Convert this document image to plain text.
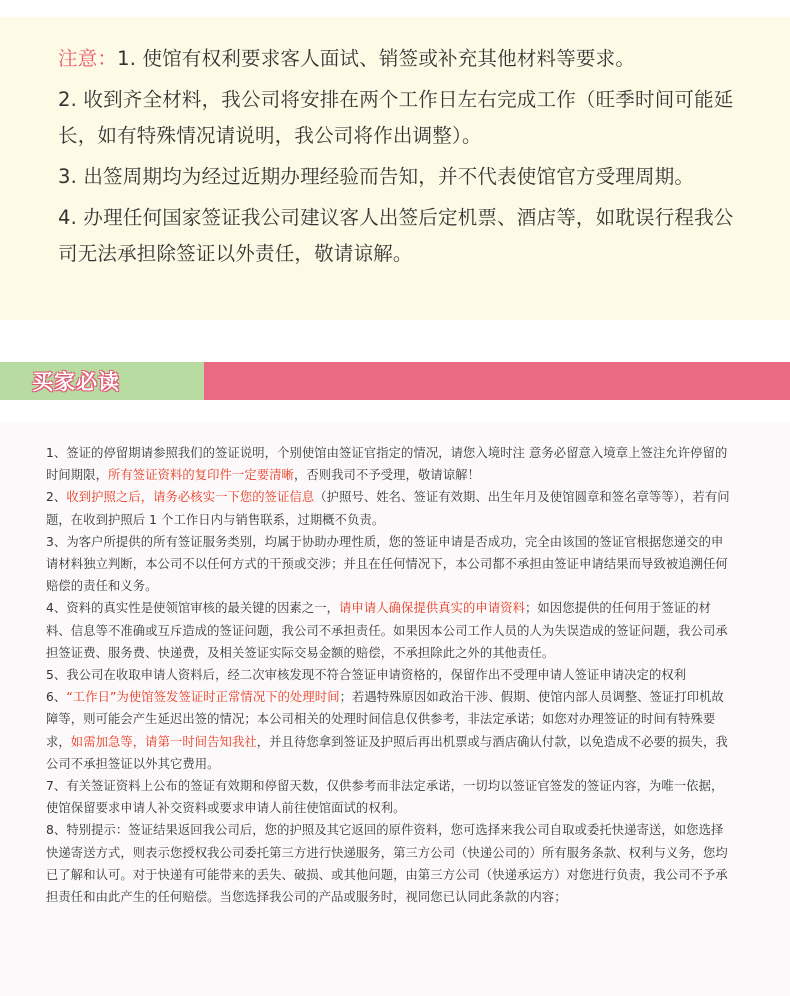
注意：1. 使馆有权利要求客人面试、销签或补充其他材料等要求。

2. 收到齐全材料，我公司将安排在两个工作日左右完成工作（旺季时间可能延长，如有特殊情况请说明，我公司将作出调整）。

3. 出签周期均为经过近期办理经验而告知，并不代表使馆官方受理周期。

4. 办理任何国家签证我公司建议客人出签后定机票、酒店等，如耽误行程我公司无法承担除签证以外责任，敬请谅解。

买家必读

1、签证的停留期请参照我们的签证说明，个别使馆由签证官指定的情况，请您入境时注 意务必留意入境章上签注允许停留的时间期限，所有签证资料的复印件一定要清晰，否则我司不予受理，敬请谅解！

2、收到护照之后，请务必核实一下您的签证信息（护照号、姓名、签证有效期、出生年月及使馆圆章和签名章等等），若有问题，在收到护照后 1 个工作日内与销售联系，过期概不负责。

3、为客户所提供的所有签证服务类别，均属于协助办理性质，您的签证申请是否成功，完全由该国的签证官根据您递交的申请材料独立判断，本公司不以任何方式的干预或交涉；并且在任何情况下，本公司都不承担由签证申请结果而导致被追溯任何赔偿的责任和义务。

4、资料的真实性是使领馆审核的最关键的因素之一，请申请人确保提供真实的申请资料；如因您提供的任何用于签证的材料、信息等不准确或互斥造成的签证问题，我公司不承担责任。如果因本公司工作人员的人为失误造成的签证问题，我公司承担签证费、服务费、快递费，及相关签证实际交易金额的赔偿，不承担除此之外的其他责任。

5、我公司在收取申请人资料后，经二次审核发现不符合签证申请资格的，保留作出不受理申请人签证申请决定的权利

6、“工作日”为使馆签发签证时正常情况下的处理时间；若遇特殊原因如政治干涉、假期、使馆内部人员调整、签证打印机故障等，则可能会产生延迟出签的情况；本公司相关的处理时间信息仅供参考，非法定承诺；如您对办理签证的时间有特殊要求，如需加急等，请第一时间告知我社，并且待您拿到签证及护照后再出机票或与酒店确认付款，以免造成不必要的损失，我公司不承担签证以外其它费用。

7、有关签证资料上公布的签证有效期和停留天数，仅供参考而非法定承诺，一切均以签证官签发的签证内容，为唯一依据，使馆保留要求申请人补交资料或要求申请人前往使馆面试的权利。

8、特别提示：签证结果返回我公司后，您的护照及其它返回的原件资料，您可选择来我公司自取或委托快递寄送，如您选择快递寄送方式，则表示您授权我公司委托第三方进行快递服务，第三方公司（快递公司的）所有服务条款、权利与义务，您均已了解和认可。对于快递有可能带来的丢失、破损、或其他问题，由第三方公司（快递承运方）对您进行负责，我公司不予承担责任和由此产生的任何赔偿。当您选择我公司的产品或服务时，视同您已认同此条款的内容；
